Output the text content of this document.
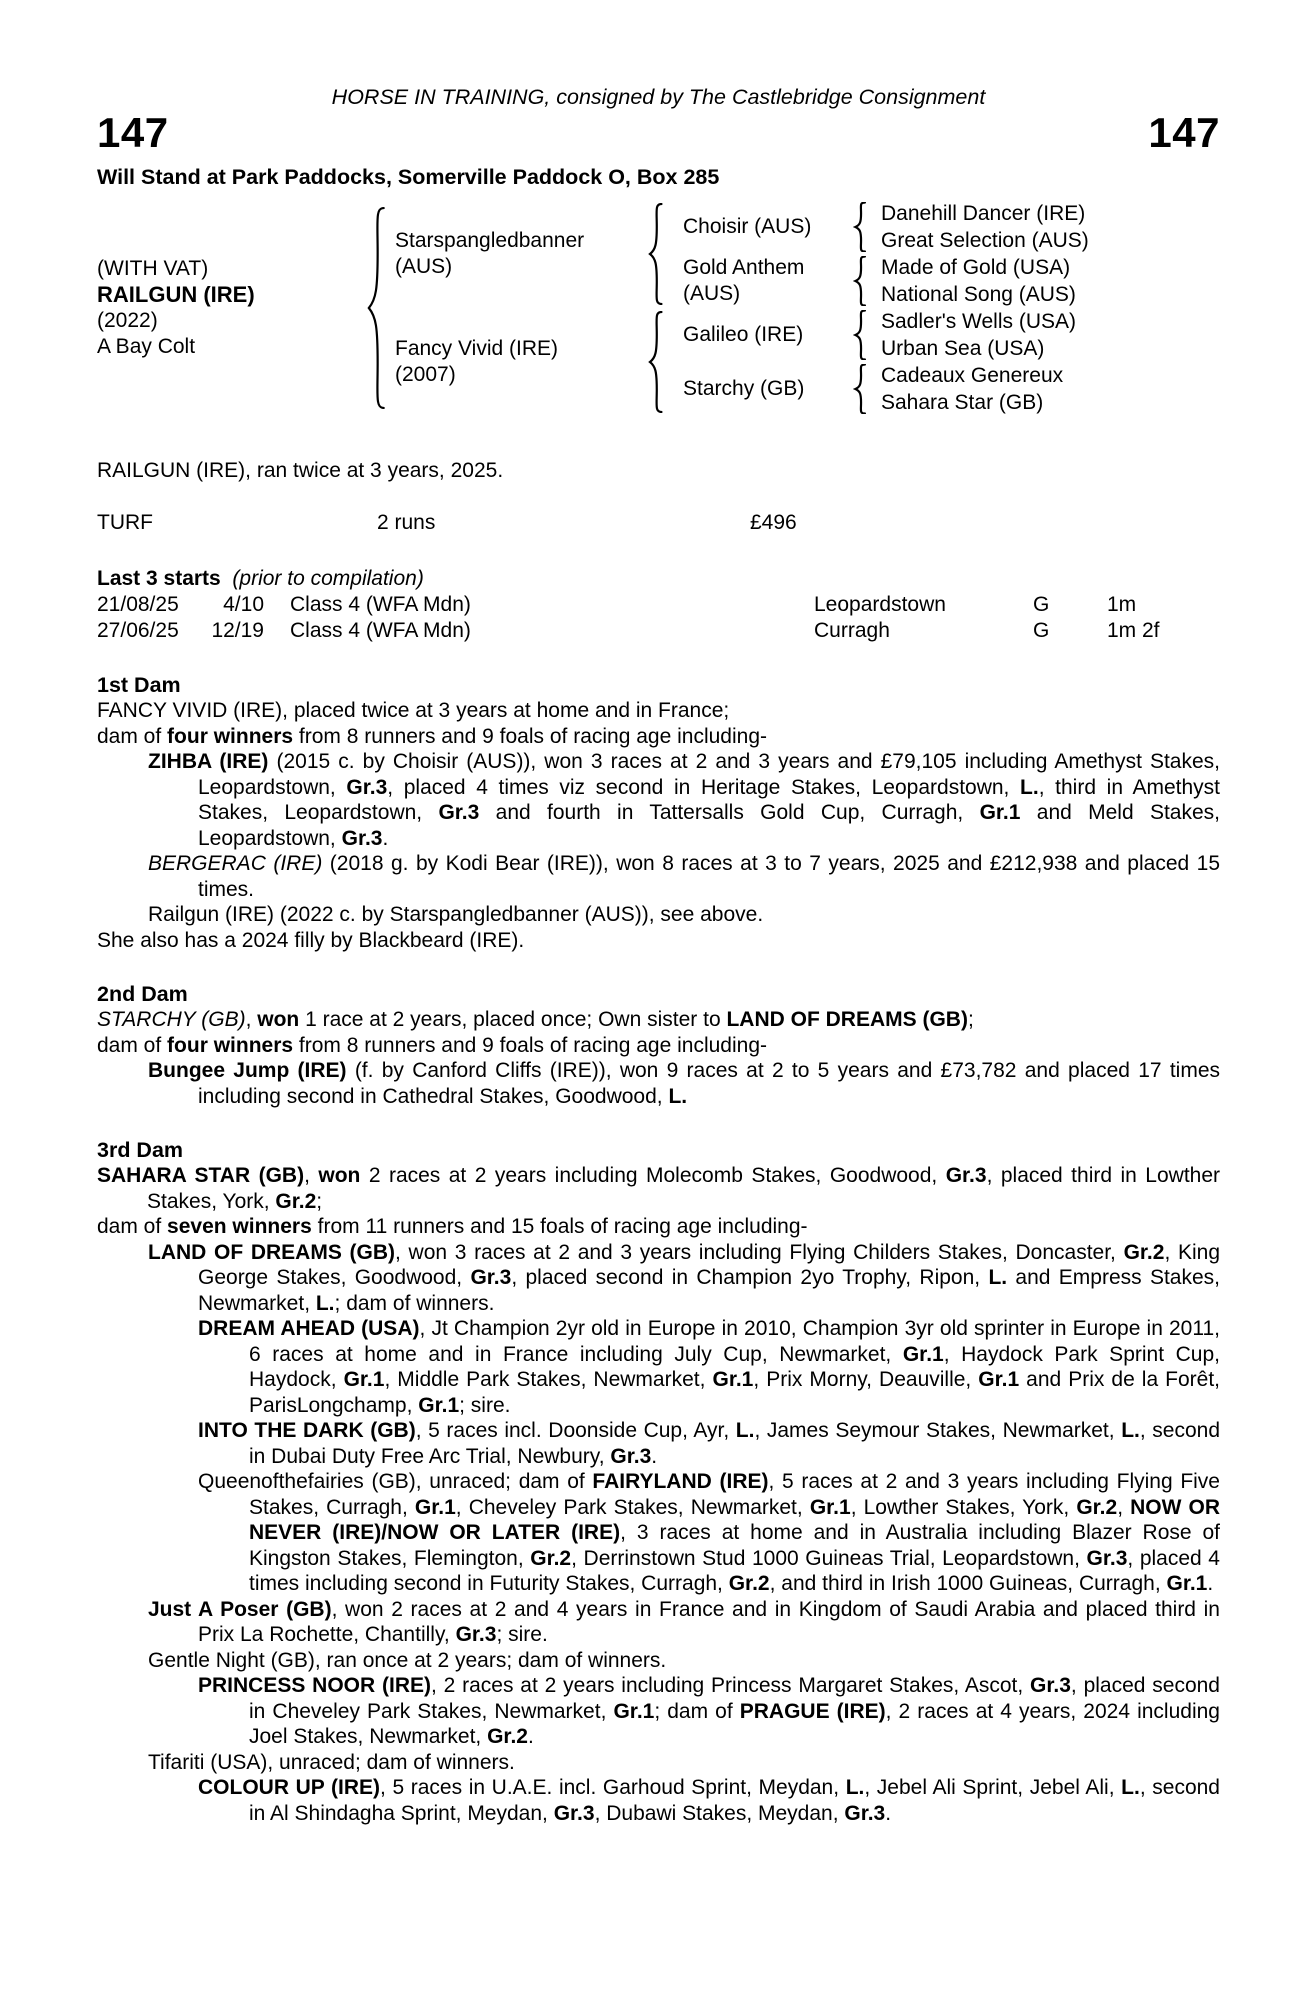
HORSE IN TRAINING, consigned by The Castlebridge Consignment
147	147
Will Stand at Park Paddocks, Somerville Paddock O, Box 285
(WITH VAT)
RAILGUN (IRE)
(2022)
A Bay Colt
Starspangledbanner
(AUS)
Fancy Vivid (IRE)
(2007)
Choisir (AUS)
Gold Anthem
(AUS)
Galileo (IRE)
Starchy (GB)
Danehill Dancer (IRE)
Great Selection (AUS)
Made of Gold (USA)
National Song (AUS)
Sadler's Wells (USA)
Urban Sea (USA)
Cadeaux Genereux
Sahara Star (GB)
RAILGUN (IRE), ran twice at 3 years, 2025.
TURF	2 runs	£496
Last 3 starts (prior to compilation)
21/08/25	4/10 Class 4 (WFA Mdn)	Leopardstown	G	1m
27/06/25	12/19 Class 4 (WFA Mdn)	Curragh	G	1m 2f
1st Dam

FANCY VIVID (IRE), placed twice at 3 years at home and in France;

dam of four winners from 8 runners and 9 foals of racing age including-

ZIHBA (IRE) (2015 c. by Choisir (AUS)), won 3 races at 2 and 3 years and £79,105 including Amethyst Stakes, Leopardstown, Gr.3, placed 4 times viz second in Heritage Stakes, Leopardstown, L., third in Amethyst Stakes, Leopardstown, Gr.3 and fourth in Tattersalls Gold Cup, Curragh, Gr.1 and Meld Stakes, Leopardstown, Gr.3.

BERGERAC (IRE) (2018 g. by Kodi Bear (IRE)), won 8 races at 3 to 7 years, 2025 and £212,938 and placed 15 times.

Railgun (IRE) (2022 c. by Starspangledbanner (AUS)), see above.

She also has a 2024 filly by Blackbeard (IRE).

2nd Dam

STARCHY (GB), won 1 race at 2 years, placed once; Own sister to LAND OF DREAMS (GB);

dam of four winners from 8 runners and 9 foals of racing age including-

Bungee Jump (IRE) (f. by Canford Cliffs (IRE)), won 9 races at 2 to 5 years and £73,782 and placed 17 times including second in Cathedral Stakes, Goodwood, L.

3rd Dam

SAHARA STAR (GB), won 2 races at 2 years including Molecomb Stakes, Goodwood, Gr.3, placed third in Lowther Stakes, York, Gr.2;

dam of seven winners from 11 runners and 15 foals of racing age including-

LAND OF DREAMS (GB), won 3 races at 2 and 3 years including Flying Childers Stakes, Doncaster, Gr.2, King George Stakes, Goodwood, Gr.3, placed second in Champion 2yo Trophy, Ripon, L. and Empress Stakes, Newmarket, L.; dam of winners.

DREAM AHEAD (USA), Jt Champion 2yr old in Europe in 2010, Champion 3yr old sprinter in Europe in 2011, 6 races at home and in France including July Cup, Newmarket, Gr.1, Haydock Park Sprint Cup, Haydock, Gr.1, Middle Park Stakes, Newmarket, Gr.1, Prix Morny, Deauville, Gr.1 and Prix de la Forêt, ParisLongchamp, Gr.1; sire.

INTO THE DARK (GB), 5 races incl. Doonside Cup, Ayr, L., James Seymour Stakes, Newmarket, L., second in Dubai Duty Free Arc Trial, Newbury, Gr.3.

Queenofthefairies (GB), unraced; dam of FAIRYLAND (IRE), 5 races at 2 and 3 years including Flying Five Stakes, Curragh, Gr.1, Cheveley Park Stakes, Newmarket, Gr.1, Lowther Stakes, York, Gr.2, NOW OR NEVER (IRE)/NOW OR LATER (IRE), 3 races at home and in Australia including Blazer Rose of Kingston Stakes, Flemington, Gr.2, Derrinstown Stud 1000 Guineas Trial, Leopardstown, Gr.3, placed 4 times including second in Futurity Stakes, Curragh, Gr.2, and third in Irish 1000 Guineas, Curragh, Gr.1.

Just A Poser (GB), won 2 races at 2 and 4 years in France and in Kingdom of Saudi Arabia and placed third in Prix La Rochette, Chantilly, Gr.3; sire.

Gentle Night (GB), ran once at 2 years; dam of winners.

PRINCESS NOOR (IRE), 2 races at 2 years including Princess Margaret Stakes, Ascot, Gr.3, placed second in Cheveley Park Stakes, Newmarket, Gr.1; dam of PRAGUE (IRE), 2 races at 4 years, 2024 including Joel Stakes, Newmarket, Gr.2.

Tifariti (USA), unraced; dam of winners.

COLOUR UP (IRE), 5 races in U.A.E. incl. Garhoud Sprint, Meydan, L., Jebel Ali Sprint, Jebel Ali, L., second in Al Shindagha Sprint, Meydan, Gr.3, Dubawi Stakes, Meydan, Gr.3.
